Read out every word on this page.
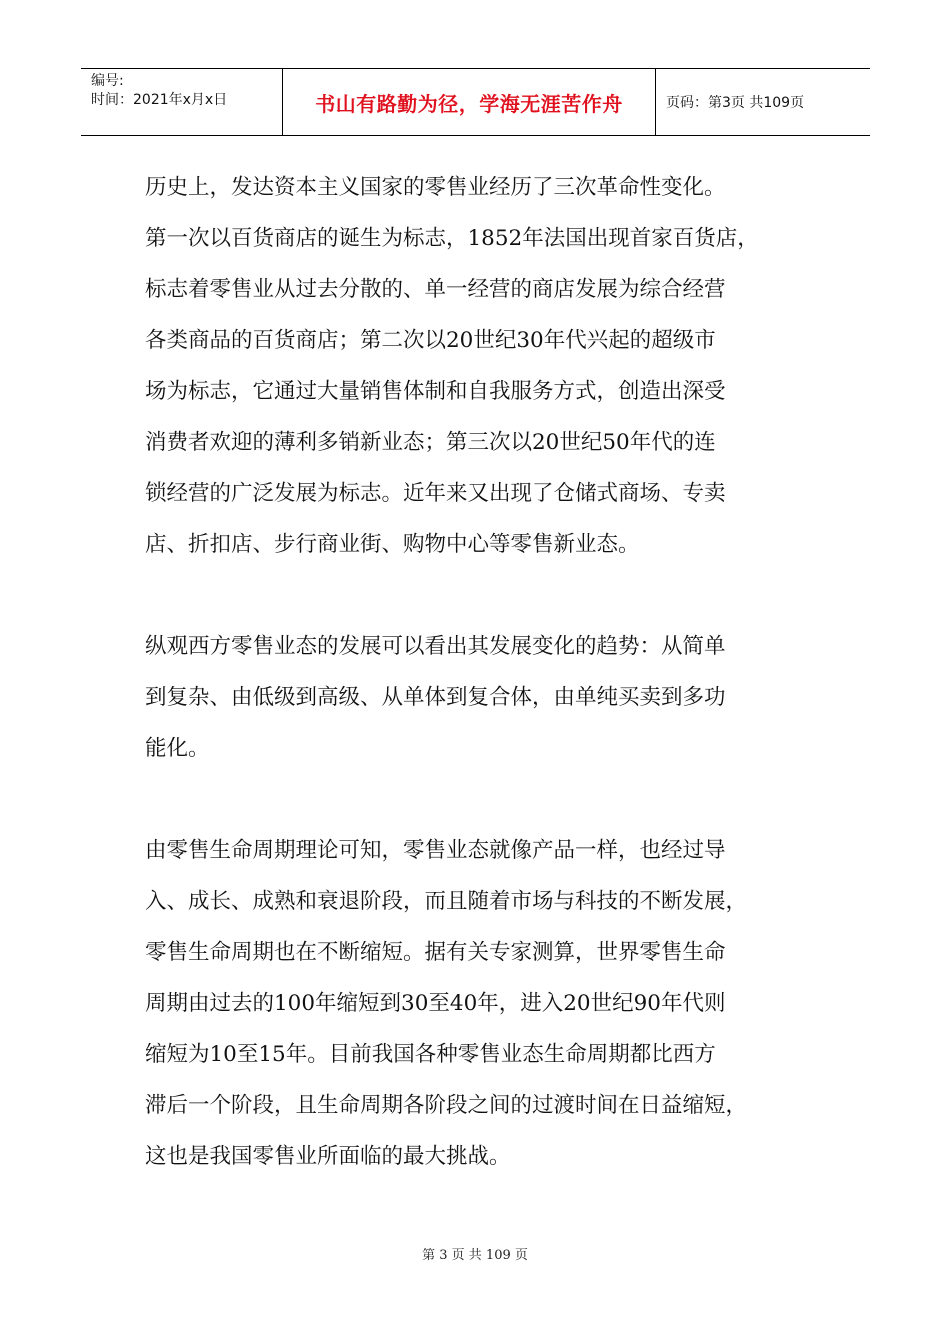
编号:
时间：2021年x月x日	书山有路勤为径，学海无涯苦作舟	页码：第3页 共109页
历史上，发达资本主义国家的零售业经历了三次革命性变化。
第一次以百货商店的诞生为标志，1852年法国出现首家百货店，
标志着零售业从过去分散的、单一经营的商店发展为综合经营
各类商品的百货商店；第二次以20世纪30年代兴起的超级市
场为标志，它通过大量销售体制和自我服务方式，创造出深受
消费者欢迎的薄利多销新业态；第三次以20世纪50年代的连
锁经营的广泛发展为标志。近年来又出现了仓储式商场、专卖
店、折扣店、步行商业街、购物中心等零售新业态。
纵观西方零售业态的发展可以看出其发展变化的趋势：从简单
到复杂、由低级到高级、从单体到复合体，由单纯买卖到多功
能化。
由零售生命周期理论可知，零售业态就像产品一样，也经过导
入、成长、成熟和衰退阶段，而且随着市场与科技的不断发展，
零售生命周期也在不断缩短。据有关专家测算，世界零售生命
周期由过去的100年缩短到30至40年，进入20世纪90年代则
缩短为10至15年。目前我国各种零售业态生命周期都比西方
滞后一个阶段，且生命周期各阶段之间的过渡时间在日益缩短，
这也是我国零售业所面临的最大挑战。
第 3 页 共 109 页
